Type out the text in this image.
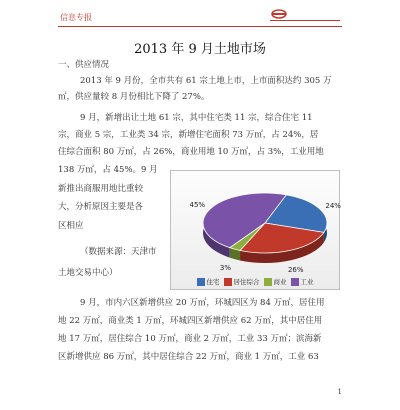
信息专报
2013 年 9 月土地市场
一、供应情况
2013 年 9 月份，全市共有 61 宗土地上市，上市面积达约 305 万
㎡，供应量较 8 月份相比下降了 27%。
9 月，新增出让土地 61 宗，其中住宅类 11 宗，综合住宅 11
宗，商业 5 宗，工业类 34 宗，新增住宅面积 73 万㎡，占 24%，居
住综合面积 80 万㎡，占 26%，商业用地 10 万㎡，占 3%，工业用地
138 万㎡，占 45%。9 月
新推出商服用地比重较
大，分析原因主要是各
区相应
（数据来源：天津市
土地交易中心）
24%
26%
3%
45%
住宅 居住综合 商业 工业
9 月，市内六区新增供应 20 万㎡，环城四区为 84 万㎡，居住用
地 22 万㎡，商业类 1 万㎡，环城四区新增供应 62 万㎡，其中居住用
地 17 万㎡，居住综合 10 万㎡，商业 2 万㎡，工业 33 万㎡；滨海新
区新增供应 86 万㎡，其中居住综合 22 万㎡，商业 1 万㎡，工业 63
1
